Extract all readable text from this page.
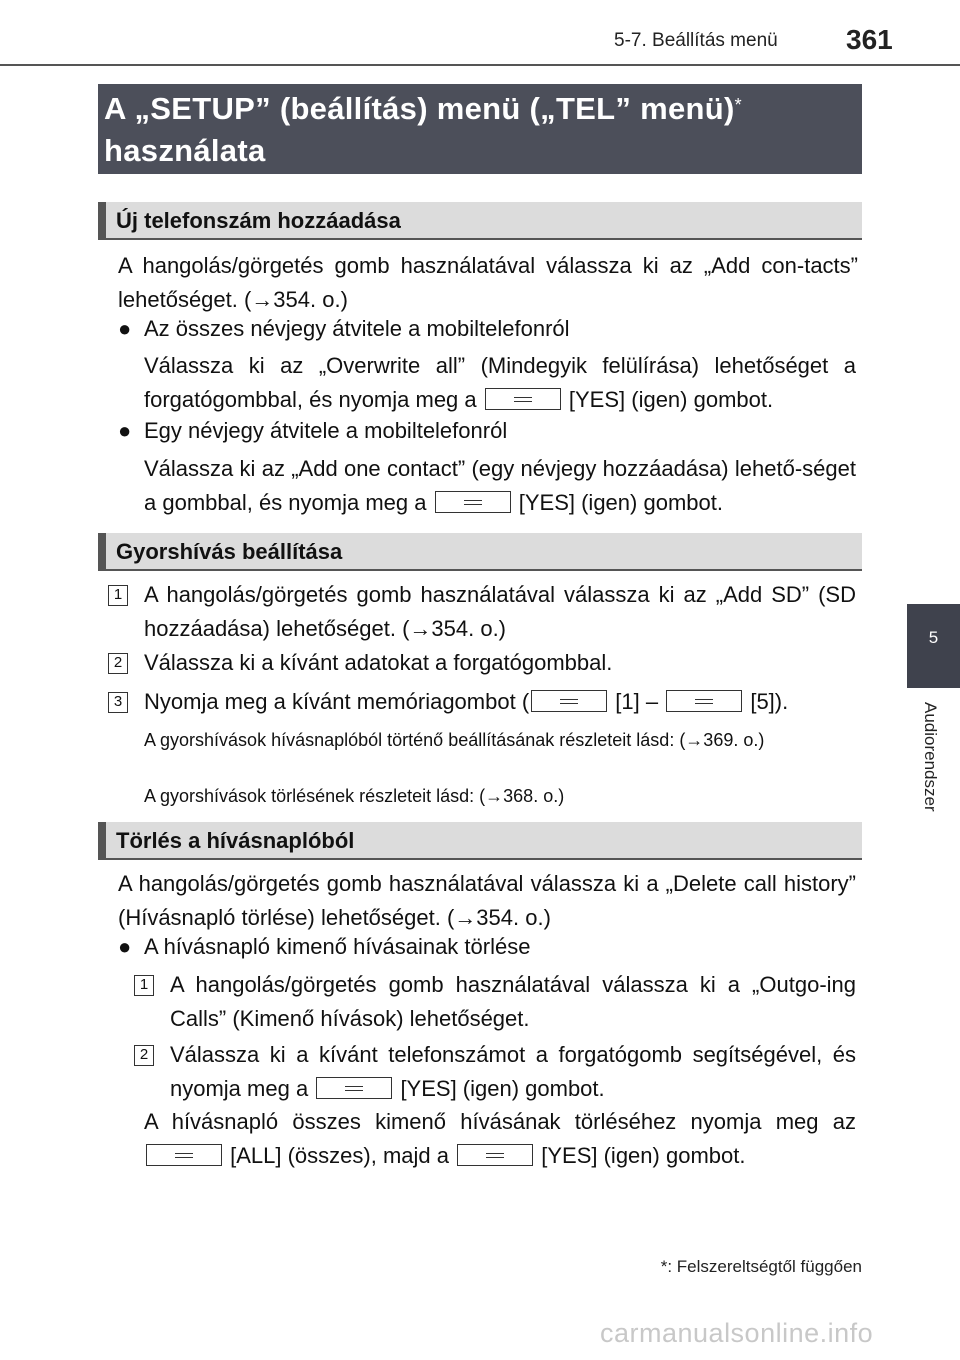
5-7. Beállítás menü 361
5
Audiorendszer
A „SETUP” (beállítás) menü („TEL” menü)*
használata
Új telefonszám hozzáadása
A hangolás/görgetés gomb használatával válassza ki az „Add con-tacts” lehetőséget. (→354. o.)
● Az összes névjegy átvitele a mobiltelefonról
Válassza ki az „Overwrite all” (Mindegyik felülírása) lehetőséget a forgatógombbal, és nyomja meg a	[YES] (igen) gombot.
● Egy névjegy átvitele a mobiltelefonról
Válassza ki az „Add one contact” (egy névjegy hozzáadása) lehető-séget a gombbal, és nyomja meg a	[YES] (igen) gombot.
Gyorshívás beállítása
1 A hangolás/görgetés gomb használatával válassza ki az „Add SD” (SD hozzáadása) lehetőséget. (→354. o.)
2 Válassza ki a kívánt adatokat a forgatógombbal.
3 Nyomja meg a kívánt memóriagombot (	[1] –	[5]).
A gyorshívások hívásnaplóból történő beállításának részleteit lásd: (→369. o.)
A gyorshívások törlésének részleteit lásd: (→368. o.)
Törlés a hívásnaplóból
A hangolás/görgetés gomb használatával válassza ki a „Delete call history” (Hívásnapló törlése) lehetőséget. (→354. o.)
● A hívásnapló kimenő hívásainak törlése
1 A hangolás/görgetés gomb használatával válassza ki a „Outgo-ing Calls” (Kimenő hívások) lehetőséget.
2 Válassza ki a kívánt telefonszámot a forgatógomb segítségével, és nyomja meg a	[YES] (igen) gombot.
A hívásnapló összes kimenő hívásának törléséhez nyomja meg az  [ALL] (összes), majd a	[YES] (igen) gombot.
*: Felszereltségtől függően
carmanualsonline.info
